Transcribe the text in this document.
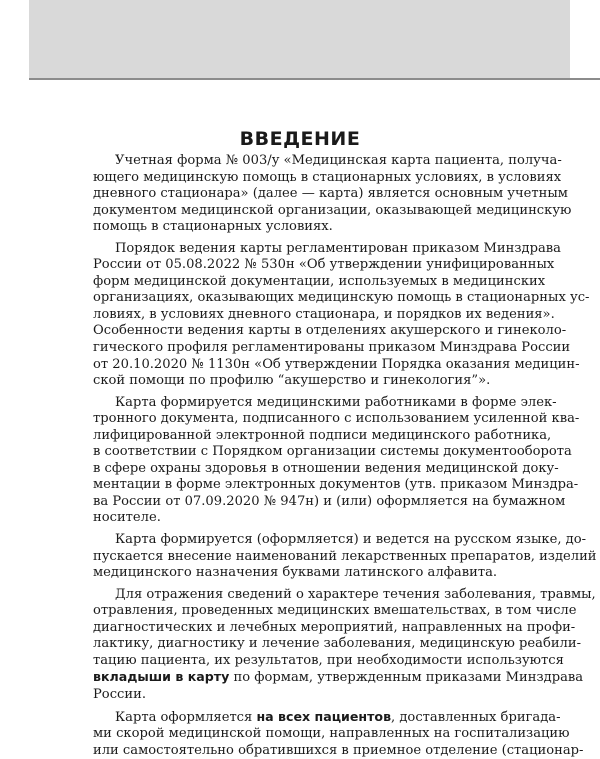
ВВЕДЕНИЕ
Учетная форма № 003/у «Медицинская карта пациента, получа-
ющего медицинскую помощь в стационарных условиях, в условиях
дневного стационара» (далее — карта) является основным учетным
документом медицинской организации, оказывающей медицинскую
помощь в стационарных условиях.
Порядок ведения карты регламентирован приказом Минздрава
России от 05.08.2022 № 530н «Об утверждении унифицированных
форм медицинской документации, используемых в медицинских
организациях, оказывающих медицинскую помощь в стационарных ус-
ловиях, в условиях дневного стационара, и порядков их ведения».
Особенности ведения карты в отделениях акушерского и гинеколо-
гического профиля регламентированы приказом Минздрава России
от 20.10.2020 № 1130н «Об утверждении Порядка оказания медицин-
ской помощи по профилю “акушерство и гинекология”».
Карта формируется медицинскими работниками в форме элек-
тронного документа, подписанного с использованием усиленной ква-
лифицированной электронной подписи медицинского работника,
в соответствии с Порядком организации системы документооборота
в сфере охраны здоровья в отношении ведения медицинской доку-
ментации в форме электронных документов (утв. приказом Минздра-
ва России от 07.09.2020 № 947н) и (или) оформляется на бумажном
носителе.
Карта формируется (оформляется) и ведется на русском языке, до-
пускается внесение наименований лекарственных препаратов, изделий
медицинского назначения буквами латинского алфавита.
Для отражения сведений о характере течения заболевания, травмы,
отравления, проведенных медицинских вмешательствах, в том числе
диагностических и лечебных мероприятий, направленных на профи-
лактику, диагностику и лечение заболевания, медицинскую реабили-
тацию пациента, их результатов, при необходимости используются
вкладыши в карту по формам, утвержденным приказами Минздрава
России.
Карта оформляется на всех пациентов, доставленных бригада-
ми скорой медицинской помощи, направленных на госпитализацию
или самостоятельно обратившихся в приемное отделение (стационар-
